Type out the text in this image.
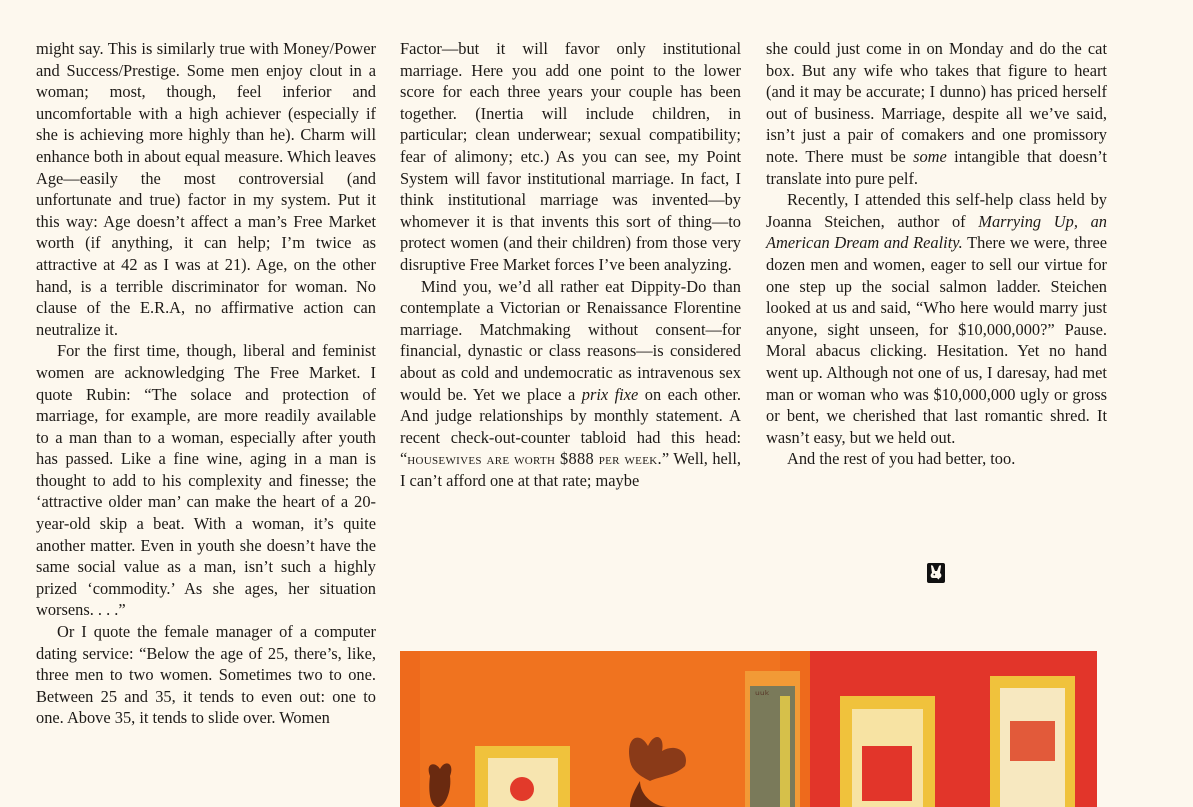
might say. This is similarly true with Money/Power and Success/Prestige. Some men enjoy clout in a woman; most, though, feel inferior and uncomfortable with a high achiever (especially if she is achieving more highly than he). Charm will enhance both in about equal measure. Which leaves Age—easily the most controversial (and unfortunate and true) factor in my system. Put it this way: Age doesn’t affect a man’s Free Market worth (if anything, it can help; I’m twice as attractive at 42 as I was at 21). Age, on the other hand, is a terrible discriminator for woman. No clause of the E.R.A, no affirmative action can neutralize it.

For the first time, though, liberal and feminist women are acknowledging The Free Market. I quote Rubin: “The solace and protection of marriage, for example, are more readily available to a man than to a woman, especially after youth has passed. Like a fine wine, aging in a man is thought to add to his complexity and finesse; the ‘attractive older man’ can make the heart of a 20-year-old skip a beat. With a woman, it’s quite another matter. Even in youth she doesn’t have the same social value as a man, isn’t such a highly prized ‘commodity.’ As she ages, her situation worsens. . . .”

Or I quote the female manager of a computer dating service: “Below the age of 25, there’s, like, three men to two women. Sometimes two to one. Between 25 and 35, it tends to even out: one to one. Above 35, it tends to slide over. Women

Factor—but it will favor only institutional marriage. Here you add one point to the lower score for each three years your couple has been together. (Inertia will include children, in particular; clean underwear; sexual compatibility; fear of alimony; etc.) As you can see, my Point System will favor institutional marriage. In fact, I think institutional marriage was invented—by whomever it is that invents this sort of thing—to protect women (and their children) from those very disruptive Free Market forces I’ve been analyzing.

Mind you, we’d all rather eat Dippity-Do than contemplate a Victorian or Renaissance Florentine marriage. Matchmaking without consent—for financial, dynastic or class reasons—is considered about as cold and undemocratic as intravenous sex would be. Yet we place a prix fixe on each other. And judge relationships by monthly statement. A recent check-out-counter tabloid had this head: “housewives are worth $888 per week.” Well, hell, I can’t afford one at that rate; maybe

she could just come in on Monday and do the cat box. But any wife who takes that figure to heart (and it may be accurate; I dunno) has priced herself out of business. Marriage, despite all we’ve said, isn’t just a pair of comakers and one promissory note. There must be some intangible that doesn’t translate into pure pelf.

Recently, I attended this self-help class held by Joanna Steichen, author of Marrying Up, an American Dream and Reality. There we were, three dozen men and women, eager to sell our virtue for one step up the social salmon ladder. Steichen looked at us and said, “Who here would marry just anyone, sight unseen, for $10,000,000?” Pause. Moral abacus clicking. Hesitation. Yet no hand went up. Although not one of us, I daresay, had met man or woman who was $10,000,000 ugly or gross or bent, we cherished that last romantic shred. It wasn’t easy, but we held out.

And the rest of you had better, too.

ᵘᵘᵏ
